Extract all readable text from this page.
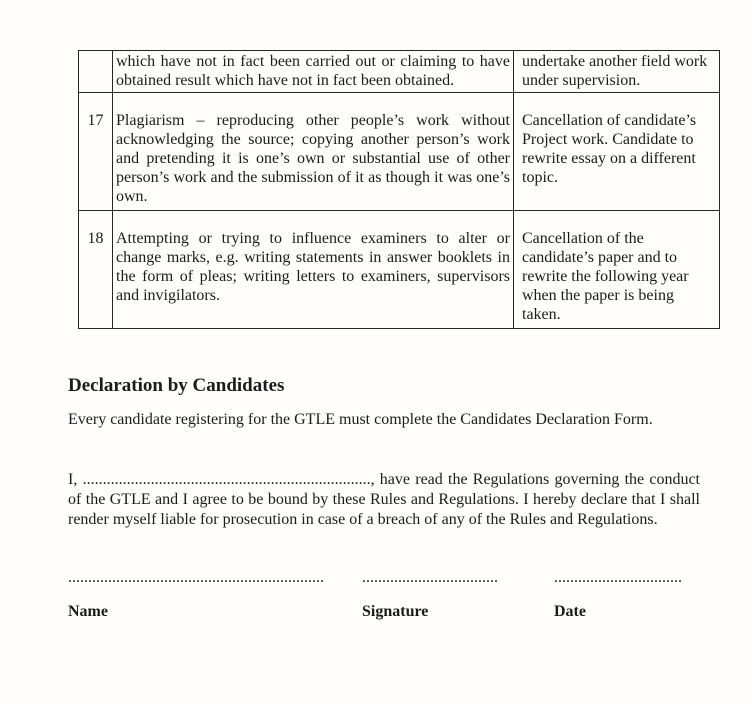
	which have not in fact been carried out or claiming to have obtained result which have not in fact been obtained.	undertake another field work under supervision.
17	Plagiarism – reproducing other people’s work without acknowledging the source; copying another person’s work and pretending it is one’s own or substantial use of other person’s work and the submission of it as though it was one’s own.	Cancellation of candidate’s Project work. Candidate to rewrite essay on a different topic.
18	Attempting or trying to influence examiners to alter or change marks, e.g. writing statements in answer booklets in the form of pleas; writing letters to examiners, supervisors and invigilators.	Cancellation of the candidate’s paper and to rewrite the following year when the paper is being taken.
Declaration by Candidates
Every candidate registering for the GTLE must complete the Candidates Declaration Form.
I, ........................................................................, have read the Regulations governing the conduct of the GTLE and I agree to be bound by these Rules and Regulations. I hereby declare that I shall render myself liable for prosecution in case of a breach of any of the Rules and Regulations.
................................................................ ..................................	................................
Name	Signature	Date
